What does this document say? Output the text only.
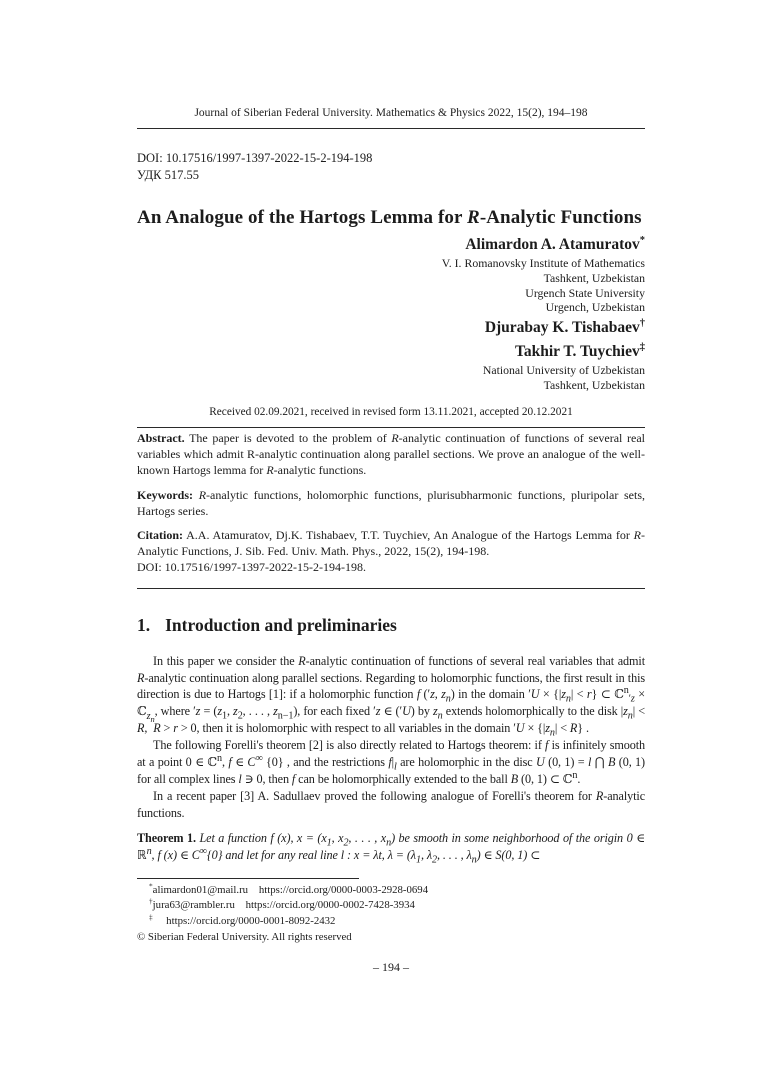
Journal of Siberian Federal University. Mathematics & Physics 2022, 15(2), 194–198
DOI: 10.17516/1997-1397-2022-15-2-194-198
УДК 517.55
An Analogue of the Hartogs Lemma for R-Analytic Functions
Alimardon A. Atamuratov*
V. I. Romanovsky Institute of Mathematics
Tashkent, Uzbekistan
Urgench State University
Urgench, Uzbekistan
Djurabay K. Tishabaev†
Takhir T. Tuychiev‡
National University of Uzbekistan
Tashkent, Uzbekistan
Received 02.09.2021, received in revised form 13.11.2021, accepted 20.12.2021

Abstract. The paper is devoted to the problem of R-analytic continuation of functions of several real variables which admit R-analytic continuation along parallel sections. We prove an analogue of the well-known Hartogs lemma for R-analytic functions.

Keywords: R-analytic functions, holomorphic functions, plurisubharmonic functions, pluripolar sets, Hartogs series.

Citation: A.A. Atamuratov, Dj.K. Tishabaev, T.T. Tuychiev, An Analogue of the Hartogs Lemma for R-Analytic Functions, J. Sib. Fed. Univ. Math. Phys., 2022, 15(2), 194-198.
DOI: 10.17516/1997-1397-2022-15-2-194-198.

1. Introduction and preliminaries

In this paper we consider the R-analytic continuation of functions of several real variables that admit R-analytic continuation along parallel sections. Regarding to holomorphic functions, the first result in this direction is due to Hartogs [1]: if a holomorphic function f (′z, $z_n$) in the domain $'U \times \{|z_n| < r\}$ ⊂ ℂ$^n_{'z}$ × ℂ$_{z_n}$, where $'z = (z_1$, $z_2$, . . . , $z_{n-1}$), for each fixed ′z ∈ (′U) by $z_n$ extends holomorphically to the disk $|z_n| < R$,  R > r > 0, then it is holomorphic with respect to all variables in the domain $'U \times \{|z_n| < R\}$ .

The following Forelli's theorem [2] is also directly related to Hartogs theorem: if f is infinitely smooth at a point 0 ∈ ℂ$^n$, f ∈ C∞ {0} , and the restrictions $f|_l$ are holomorphic in the disc U (0, 1) = l ⋂ B (0, 1) for all complex lines l ∋ 0, then f can be holomorphically extended to the ball B (0, 1) ⊂ ℂ$^n$.

In a recent paper [3] A. Sadullaev proved the following analogue of Forelli's theorem for R-analytic functions.

Theorem 1. Let a function f (x), $x = (x_1$, $x_2$, . . . , $x_n$) be smooth in some neighborhood of the origin 0 ∈ ℝ$^n$, f (x) ∈ C∞{0} and let for any real line l : x = λt, $\lambda = (\lambda_1$, $\lambda_2$, . . . , $\lambda_n$) ∈ S(0, 1) ⊂

*alimardon01@mail.ru    https://orcid.org/0000-0003-2928-0694
†jura63@rambler.ru    https://orcid.org/0000-0002-7428-3934
‡     https://orcid.org/0000-0001-8092-2432
© Siberian Federal University. All rights reserved
– 194 –
